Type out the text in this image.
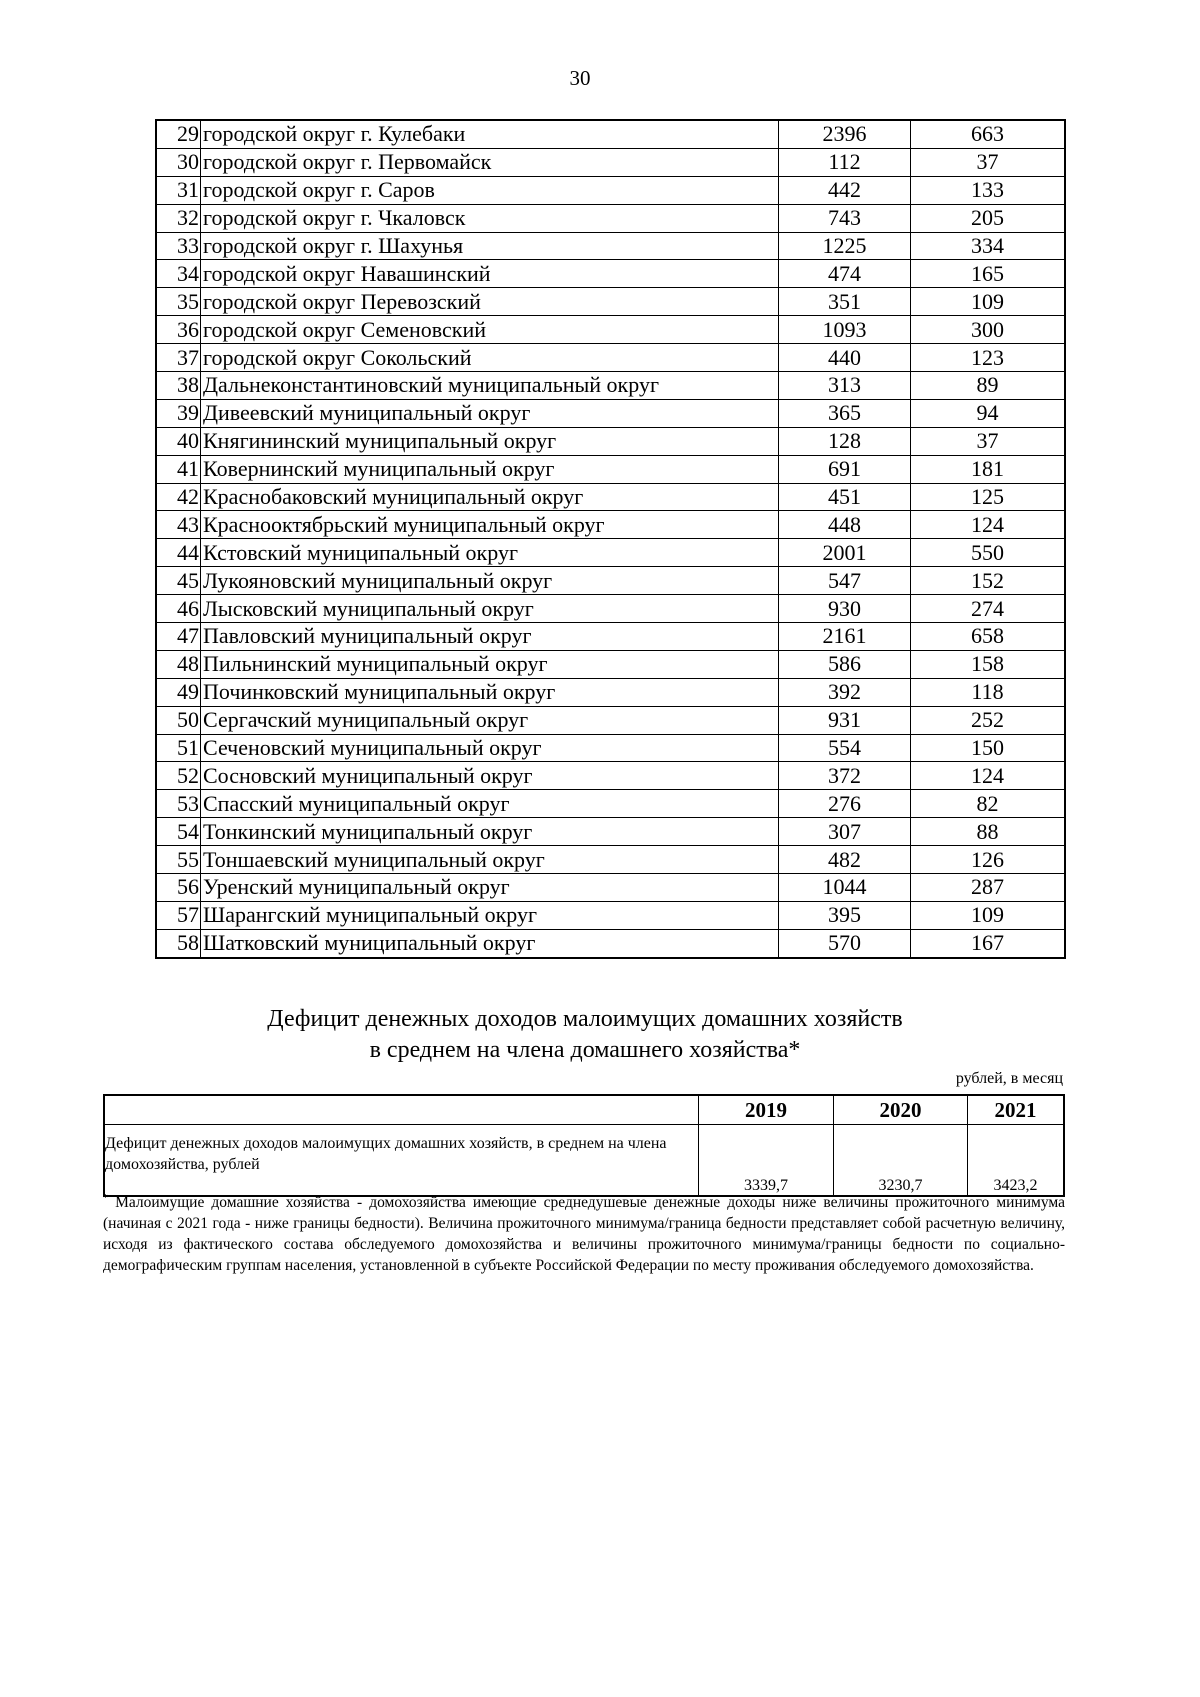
30
29	городской округ г. Кулебаки	2396	663
30	городской округ г. Первомайск	112	37
31	городской округ г. Саров	442	133
32	городской округ г. Чкаловск	743	205
33	городской округ г. Шахунья	1225	334
34	городской округ Навашинский	474	165
35	городской округ Перевозский	351	109
36	городской округ Семеновский	1093	300
37	городской округ Сокольский	440	123
38	Дальнеконстантиновский муниципальный округ	313	89
39	Дивеевский муниципальный округ	365	94
40	Княгининский муниципальный округ	128	37
41	Ковернинский муниципальный округ	691	181
42	Краснобаковский муниципальный округ	451	125
43	Краснооктябрьский муниципальный округ	448	124
44	Кстовский муниципальный округ	2001	550
45	Лукояновский муниципальный округ	547	152
46	Лысковский муниципальный округ	930	274
47	Павловский муниципальный округ	2161	658
48	Пильнинский муниципальный округ	586	158
49	Починковский муниципальный округ	392	118
50	Сергачский муниципальный округ	931	252
51	Сеченовский муниципальный округ	554	150
52	Сосновский муниципальный округ	372	124
53	Спасский муниципальный округ	276	82
54	Тонкинский муниципальный округ	307	88
55	Тоншаевский муниципальный округ	482	126
56	Уренский муниципальный округ	1044	287
57	Шарангский муниципальный округ	395	109
58	Шатковский муниципальный округ	570	167
Дефицит денежных доходов малоимущих домашних хозяйств
в среднем на члена домашнего хозяйства*
рублей, в месяц
	2019	2020	2021
Дефицит денежных доходов малоимущих домашних хозяйств, в среднем на члена домохозяйства, рублей	3339,7	3230,7	3423,2
* Малоимущие домашние хозяйства - домохозяйства имеющие среднедушевые денежные доходы ниже величины прожиточного минимума (начиная с 2021 года - ниже границы бедности). Величина прожиточного минимума/граница бедности представляет собой расчетную величину, исходя из фактического состава обследуемого домохозяйства и величины прожиточного минимума/границы бедности по социально-демографическим группам населения, установленной в субъекте Российской Федерации по месту проживания обследуемого домохозяйства.
